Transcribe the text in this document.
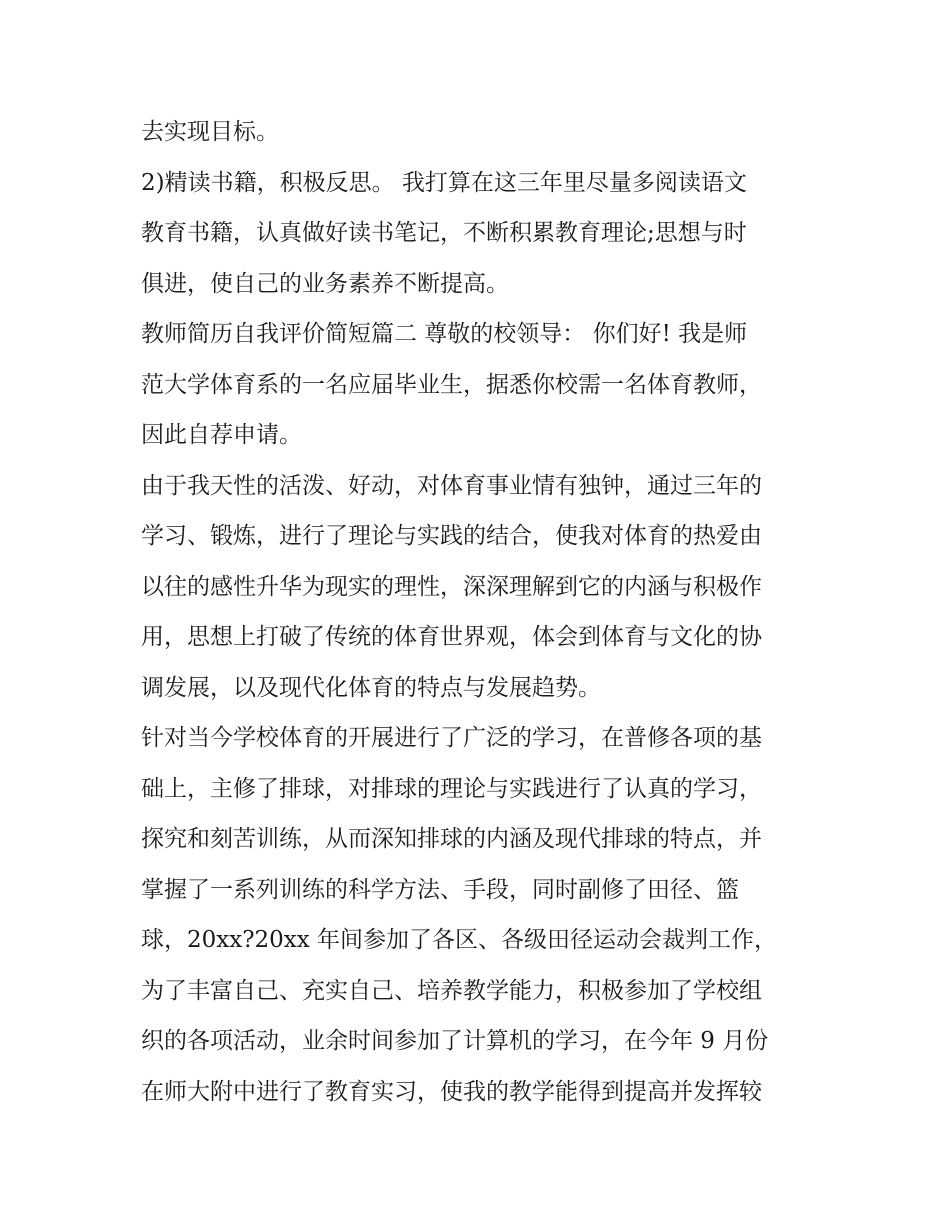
去实现目标。
2)精读书籍，积极反思。 我打算在这三年里尽量多阅读语文
教育书籍，认真做好读书笔记，不断积累教育理论;思想与时
俱进，使自己的业务素养不断提高。
教师简历自我评价简短篇二 尊敬的校领导： 你们好! 我是师
范大学体育系的一名应届毕业生，据悉你校需一名体育教师，
因此自荐申请。
由于我天性的活泼、好动，对体育事业情有独钟，通过三年的
学习、锻炼，进行了理论与实践的结合，使我对体育的热爱由
以往的感性升华为现实的理性，深深理解到它的内涵与积极作
用，思想上打破了传统的体育世界观，体会到体育与文化的协
调发展，以及现代化体育的特点与发展趋势。
针对当今学校体育的开展进行了广泛的学习，在普修各项的基
础上，主修了排球，对排球的理论与实践进行了认真的学习，
探究和刻苦训练，从而深知排球的内涵及现代排球的特点，并
掌握了一系列训练的科学方法、手段，同时副修了田径、篮
球，20xx?20xx 年间参加了各区、各级田径运动会裁判工作，
为了丰富自己、充实自己、培养教学能力，积极参加了学校组
织的各项活动，业余时间参加了计算机的学习，在今年 9 月份
在师大附中进行了教育实习，使我的教学能得到提高并发挥较
